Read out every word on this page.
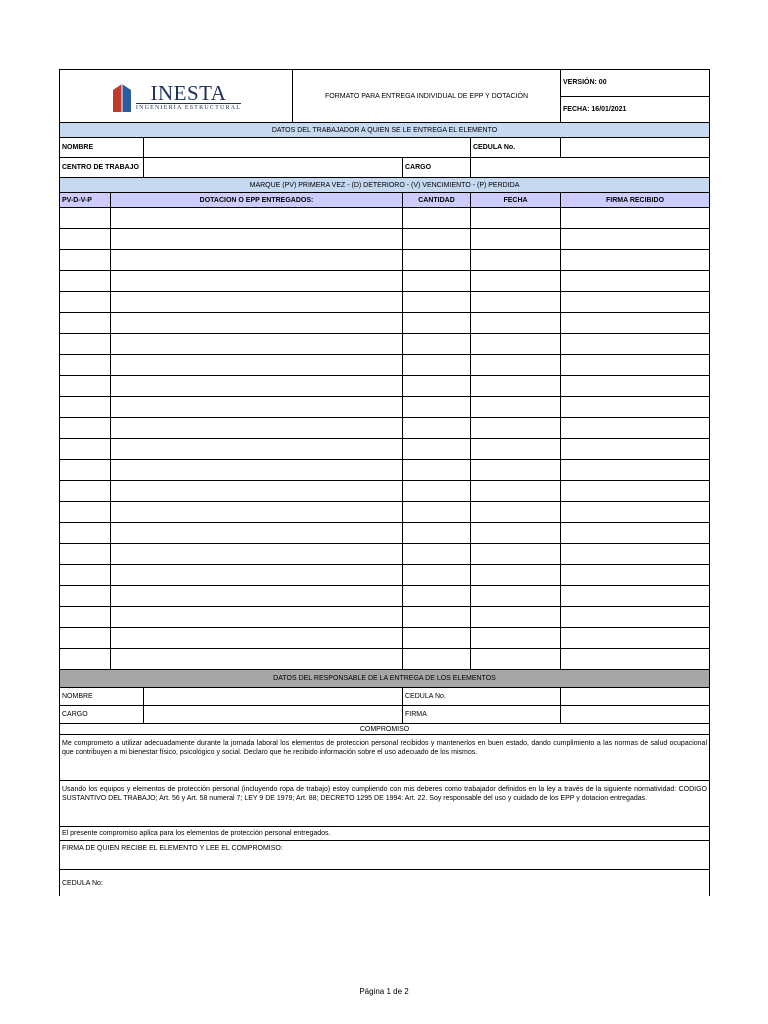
INESTA
INGENIERÍA ESTRUCTURAL			FORMATO PARA ENTREGA INDIVIDUAL DE EPP Y DOTACIÓN			VERSIÓN: 00
						FECHA: 16/01/2021
DATOS DEL TRABAJADOR A QUIEN SE LE ENTREGA EL ELEMENTO						
NOMBRE					CEDULA No.	
CENTRO DE TRABAJO				CARGO		
MARQUE (PV) PRIMERA VEZ - (D) DETERIORO - (V) VENCIMIENTO - (P) PERDIDA						
PV-D-V-P	DOTACION O EPP ENTREGADOS:			CANTIDAD	FECHA	FIRMA RECIBIDO

DATOS DEL RESPONSABLE DE LA ENTREGA DE LOS ELEMENTOS						
NOMBRE				CEDULA No.		
CARGO				FIRMA		
COMPROMISO						
Me comprometo a utilizar adecuadamente durante la jornada laboral los elementos de proteccion personal recibidos y mantenerlos en buen estado, dando cumplimiento a las normas de salud ocupacional que contribuyen a mi bienestar físico, psicológico y social. Declaro que he recibido información sobre el uso adecuado de los mismos.						
Usando los equipos y elementos de protección personal (incluyendo ropa de trabajo) estoy cumpliendo con mis deberes como trabajador definidos en la ley a través de la siguiente normatividad: CODIGO SUSTANTIVO DEL TRABAJO; Art. 56 y Art. 58 numeral 7; LEY 9 DE 1979; Art. 88; DECRETO 1295 DE 1994: Art. 22. Soy responsable del uso y cuidado de los EPP y dotacion entregadas.						
El presente compromiso aplica para los elementos de protección personal entregados.						
FIRMA DE QUIEN RECIBE EL ELEMENTO Y LEE EL COMPROMISO:						
CEDULA No:						
Página 1 de 2
